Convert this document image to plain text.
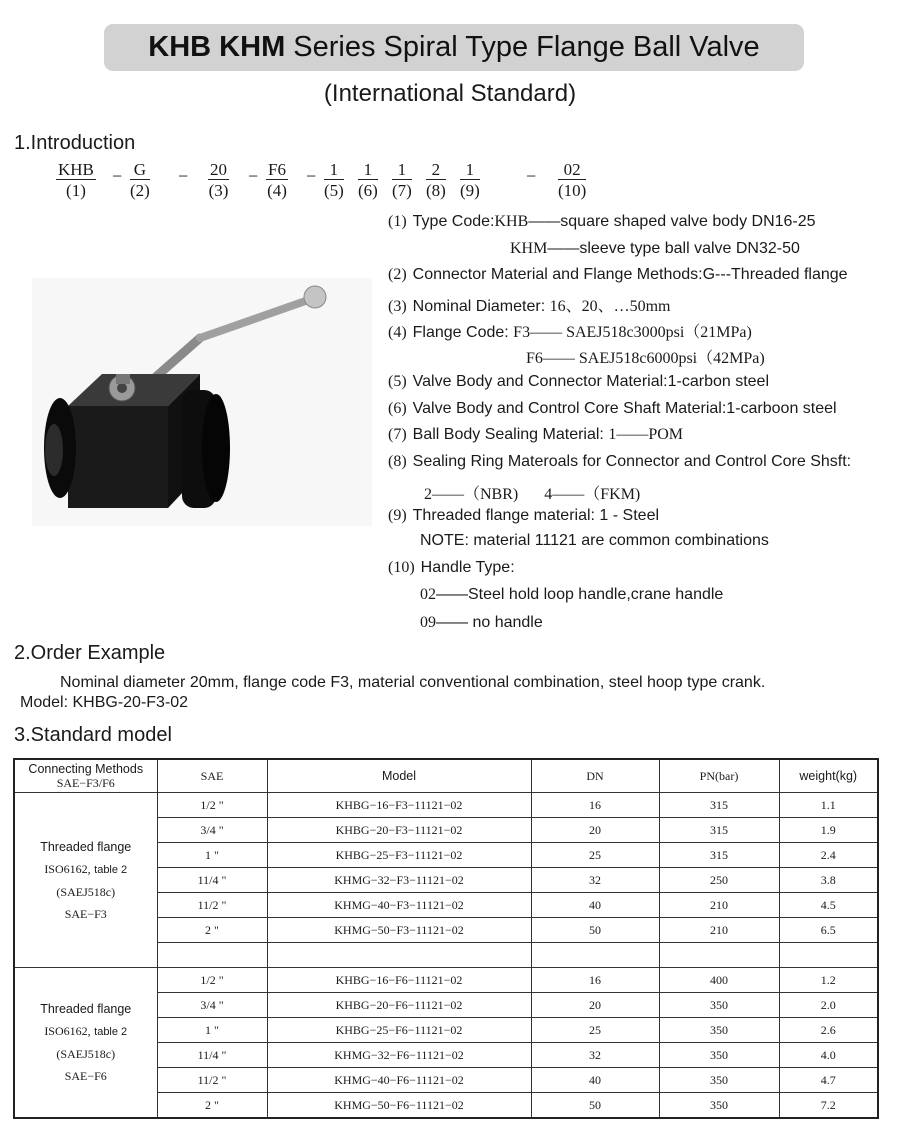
KHB KHM Series Spiral Type Flange Ball Valve
(International Standard)
1.Introduction
KHB
(1)
− G
(2)
− 20
(3)
− F6
(4)
− 1
(5)
1
(6)
1
(7)
2
(8)
1
(9)
−	02
(10)
(1) Type Code:KHB——square shaped valve body DN16-25
KHM——sleeve type ball valve DN32-50
(2) Connector Material and Flange Methods:G---Threaded flange
(3) Nominal Diameter: 16、20、…50mm
(4) Flange Code: F3—— SAEJ518c3000psi（21MPa)
F6—— SAEJ518c6000psi（42MPa)
(5) Valve Body and Connector Material:1-carbon steel
(6) Valve Body and Control Core Shaft Material:1-carboon steel
(7) Ball Body Sealing Material: 1——POM
(8) Sealing Ring Materoals for Connector and Control Core Shsft:
2——（NBR) 4——（FKM)
(9) Threaded flange material: 1 - Steel
NOTE: material 11121 are common combinations
(10) Handle Type:
02——Steel hold loop handle,crane handle
09—— no handle
2.Order Example
Nominal diameter 20mm, flange code F3, material conventional combination, steel hoop type crank.
Model: KHBG-20-F3-02
3.Standard model
Connecting Methods
SAE−F3/F6	SAE	Model	DN	PN(bar)	weight(kg)
Threaded flange
ISO6162, table 2
(SAEJ518c)
SAE−F3	1/2 "	KHBG−16−F3−11121−02	16	315	1.1
	3/4 "	KHBG−20−F3−11121−02	20	315	1.9
	1 "	KHBG−25−F3−11121−02	25	315	2.4
	11/4 "	KHMG−32−F3−11121−02	32	250	3.8
	11/2 "	KHMG−40−F3−11121−02	40	210	4.5
	2 "	KHMG−50−F3−11121−02	50	210	6.5

Threaded flange
ISO6162, table 2
(SAEJ518c)
SAE−F6	1/2 "	KHBG−16−F6−11121−02	16	400	1.2
	3/4 "	KHBG−20−F6−11121−02	20	350	2.0
	1 "	KHBG−25−F6−11121−02	25	350	2.6
	11/4 "	KHMG−32−F6−11121−02	32	350	4.0
	11/2 "	KHMG−40−F6−11121−02	40	350	4.7
	2 "	KHMG−50−F6−11121−02	50	350	7.2
